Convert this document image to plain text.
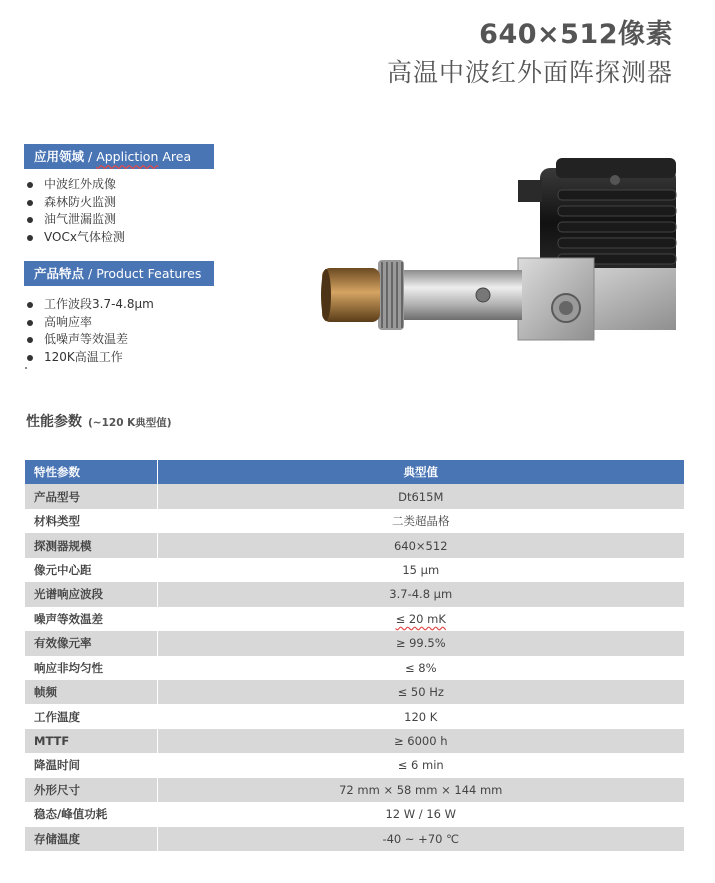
640×512像素
高温中波红外面阵探测器
应用领域 / Appliction Area
中波红外成像
森林防火监测
油气泄漏监测
VOCx气体检测
产品特点 / Product Features
工作波段3.7-4.8μm
高响应率
低噪声等效温差
120K高温工作
性能参数 (~120 K典型值)
特性参数	典型值
产品型号	Dt615M
材料类型	二类超晶格
探测器规模	640×512
像元中心距	15 μm
光谱响应波段	3.7-4.8 μm
噪声等效温差	≤ 20 mK
有效像元率	≥ 99.5%
响应非均匀性	≤ 8%
帧频	≤ 50 Hz
工作温度	120 K
MTTF	≥ 6000 h
降温时间	≤ 6 min
外形尺寸	72 mm × 58 mm × 144 mm
稳态/峰值功耗	12 W / 16 W
存储温度	-40 ~ +70 ℃
